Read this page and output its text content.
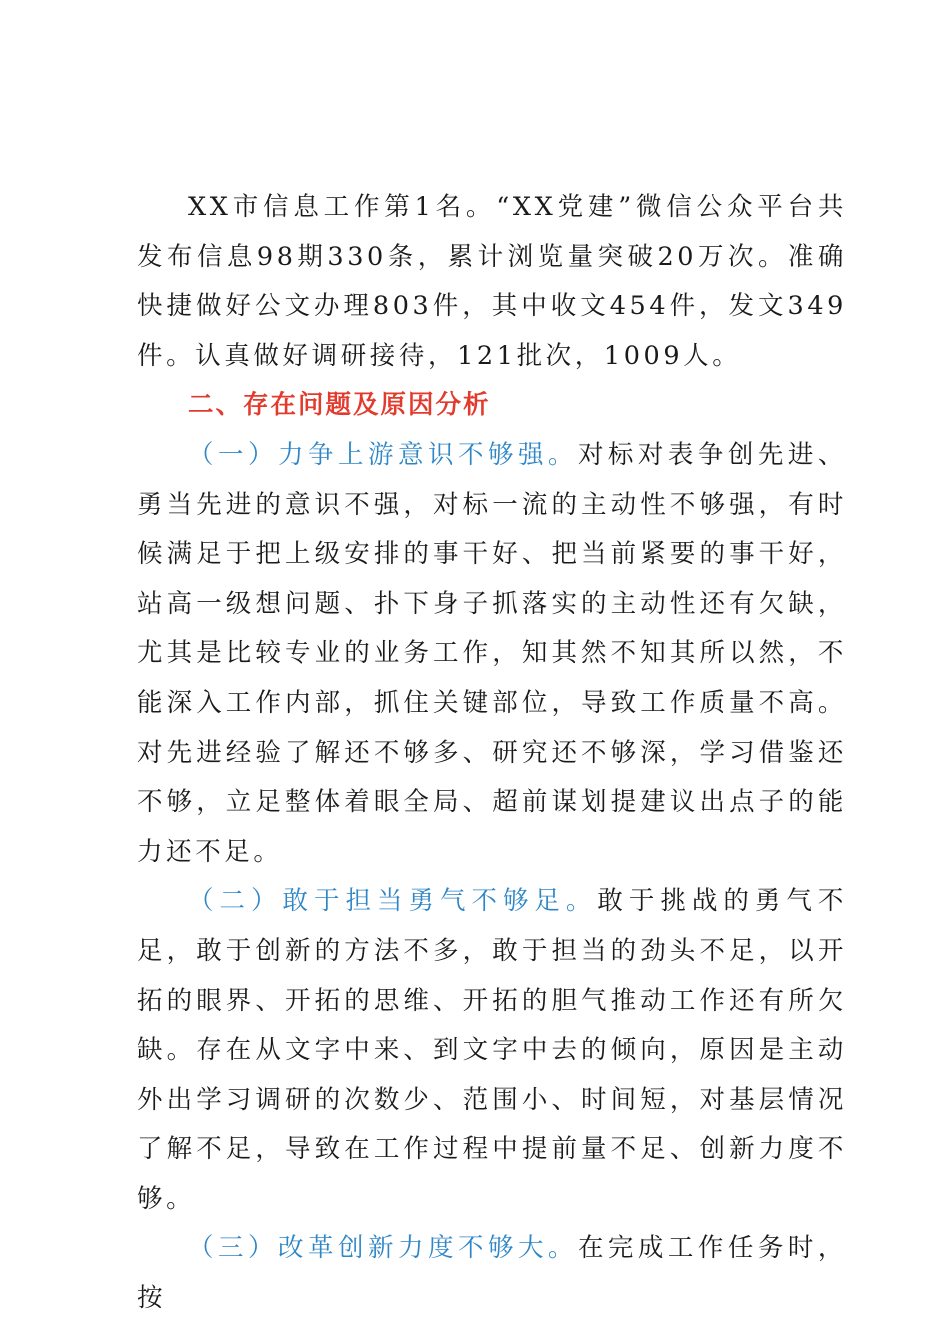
XX市信息工作第1名。“XX党建”微信公众平台共发布信息98期330条，累计浏览量突破20万次。准确快捷做好公文办理803件，其中收文454件，发文349件。认真做好调研接待，121批次，1009人。

二、存在问题及原因分析

（一）力争上游意识不够强。对标对表争创先进、勇当先进的意识不强，对标一流的主动性不够强，有时候满足于把上级安排的事干好、把当前紧要的事干好，站高一级想问题、扑下身子抓落实的主动性还有欠缺，尤其是比较专业的业务工作，知其然不知其所以然，不能深入工作内部，抓住关键部位，导致工作质量不高。对先进经验了解还不够多、研究还不够深，学习借鉴还不够，立足整体着眼全局、超前谋划提建议出点子的能力还不足。

（二）敢于担当勇气不够足。敢于挑战的勇气不足，敢于创新的方法不多，敢于担当的劲头不足，以开拓的眼界、开拓的思维、开拓的胆气推动工作还有所欠缺。存在从文字中来、到文字中去的倾向，原因是主动外出学习调研的次数少、范围小、时间短，对基层情况了解不足，导致在工作过程中提前量不足、创新力度不够。

（三）改革创新力度不够大。在完成工作任务时，按
